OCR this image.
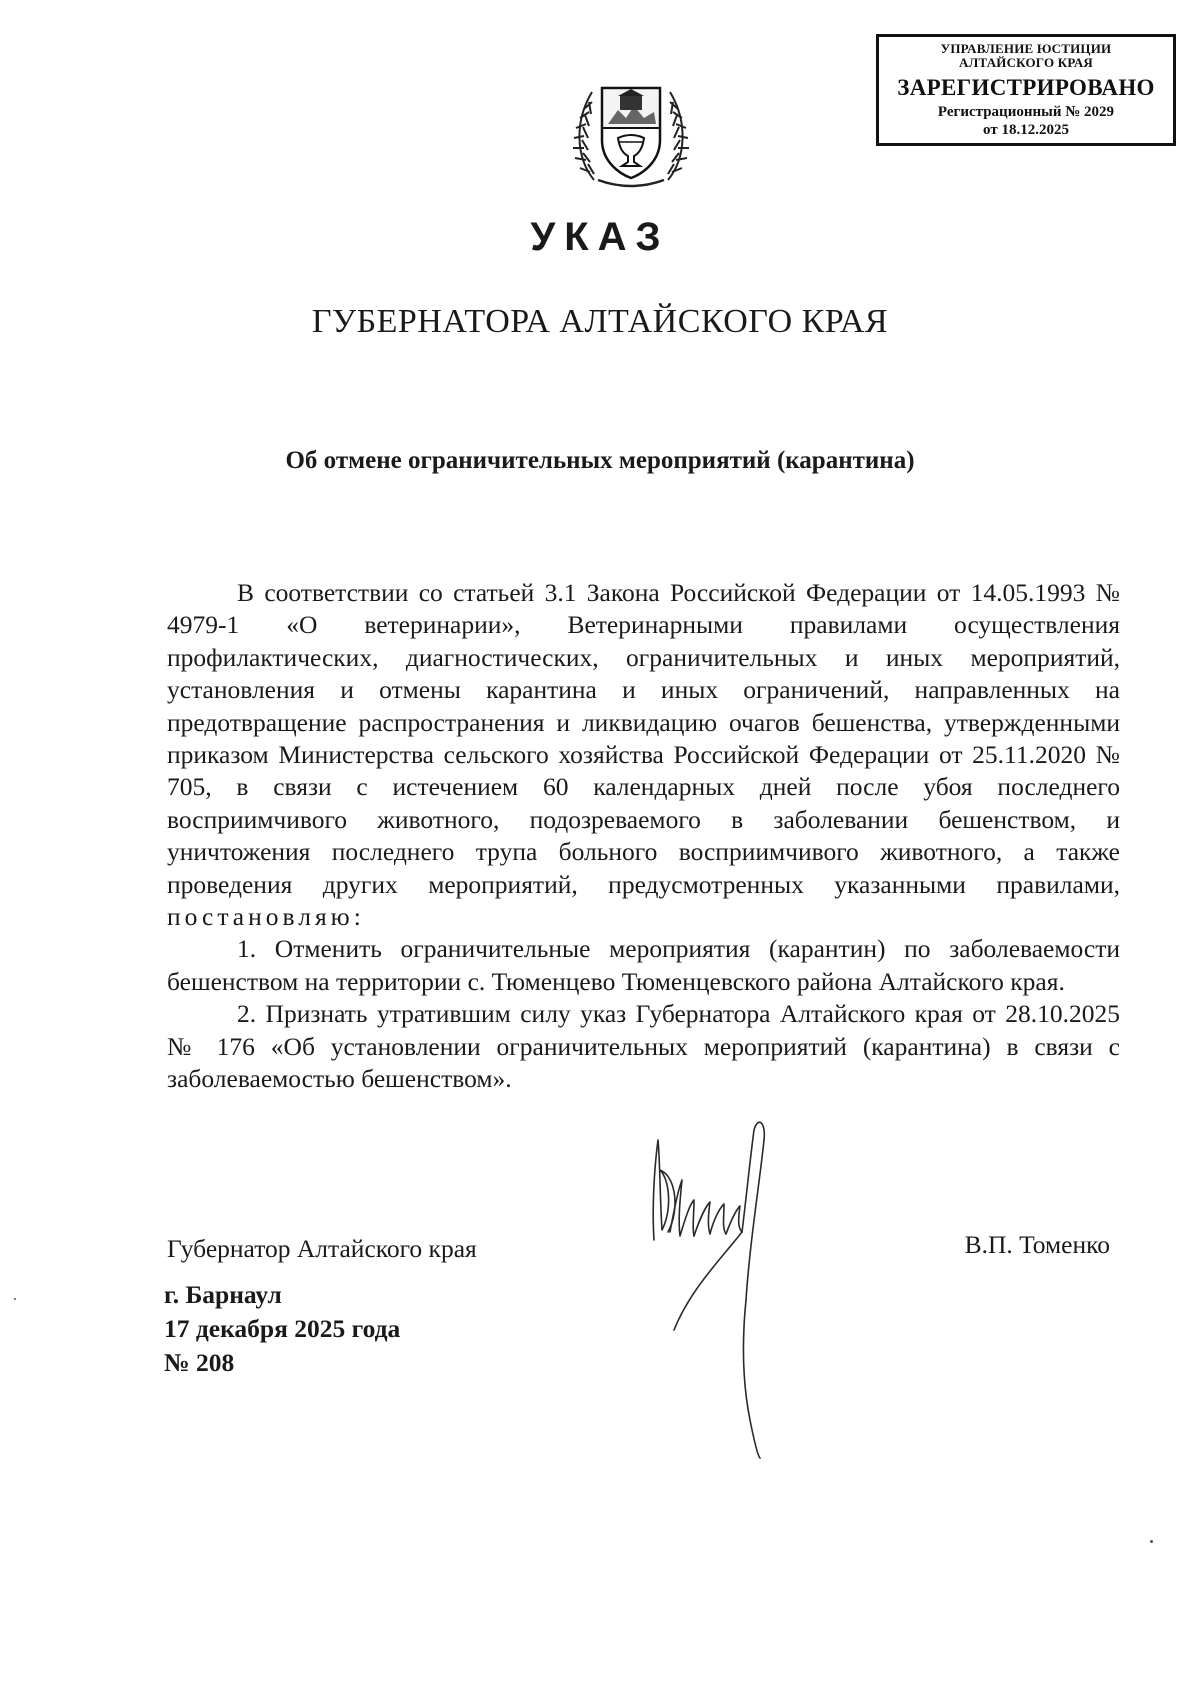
УПРАВЛЕНИЕ ЮСТИЦИИ
АЛТАЙСКОГО КРАЯ
ЗАРЕГИСТРИРОВАНО
Регистрационный № 2029
от 18.12.2025
УКАЗ
ГУБЕРНАТОРА АЛТАЙСКОГО КРАЯ
Об отмене ограничительных мероприятий (карантина)

В соответствии со статьей 3.1 Закона Российской Федерации от 14.05.1993 № 4979-1 «О ветеринарии», Ветеринарными правилами осуществления профилактических, диагностических, ограничительных и иных мероприятий, установления и отмены карантина и иных ограничений, направленных на предотвращение распространения и ликвидацию очагов бешенства, утвержденными приказом Министерства сельского хозяйства Российской Федерации от 25.11.2020 № 705, в связи с истечением 60 календарных дней после убоя последнего восприимчивого животного, подозреваемого в заболевании бешенством, и уничтожения последнего трупа больного восприимчивого животного, а также проведения других мероприятий, предусмотренных указанными правилами, постановляю:

1. Отменить ограничительные мероприятия (карантин) по заболеваемости бешенством на территории с. Тюменцево Тюменцевского района Алтайского края.

2. Признать утратившим силу указ Губернатора Алтайского края от 28.10.2025 № 176 «Об установлении ограничительных мероприятий (карантина) в связи с заболеваемостью бешенством».

Губернатор Алтайского края	В.П. Томенко
г. Барнаул
17 декабря 2025 года
№ 208
